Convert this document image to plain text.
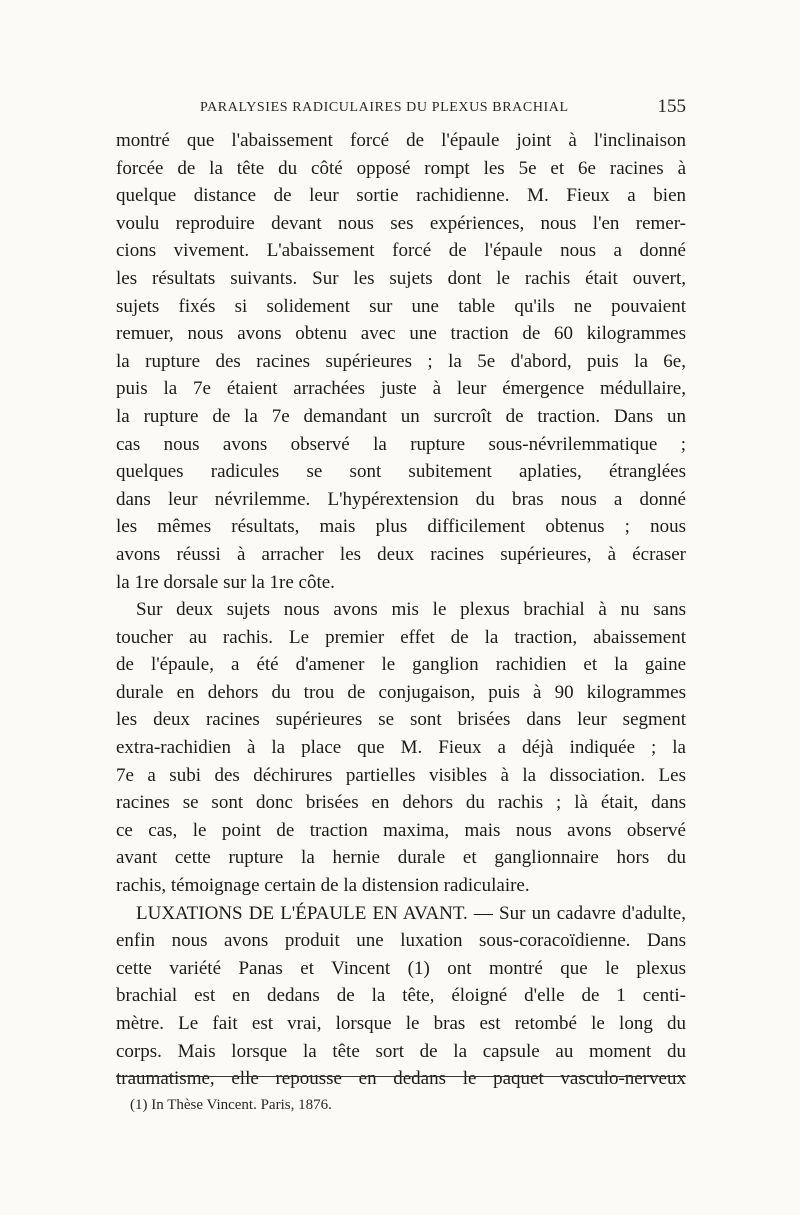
PARALYSIES RADICULAIRES DU PLEXUS BRACHIAL	155
montré que l'abaissement forcé de l'épaule joint à l'inclinaison
forcée de la tête du côté opposé rompt les 5e et 6e racines à
quelque distance de leur sortie rachidienne. M. Fieux a bien
voulu reproduire devant nous ses expériences, nous l'en remer-
cions vivement. L'abaissement forcé de l'épaule nous a donné
les résultats suivants. Sur les sujets dont le rachis était ouvert,
sujets fixés si solidement sur une table qu'ils ne pouvaient
remuer, nous avons obtenu avec une traction de 60 kilogrammes
la rupture des racines supérieures ; la 5e d'abord, puis la 6e,
puis la 7e étaient arrachées juste à leur émergence médullaire,
la rupture de la 7e demandant un surcroît de traction. Dans un
cas nous avons observé la rupture sous-névrilemmatique ;
quelques radicules se sont subitement aplaties, étranglées
dans leur névrilemme. L'hypérextension du bras nous a donné
les mêmes résultats, mais plus difficilement obtenus ; nous
avons réussi à arracher les deux racines supérieures, à écraser
la 1re dorsale sur la 1re côte.
Sur deux sujets nous avons mis le plexus brachial à nu sans
toucher au rachis. Le premier effet de la traction, abaissement
de l'épaule, a été d'amener le ganglion rachidien et la gaine
durale en dehors du trou de conjugaison, puis à 90 kilogrammes
les deux racines supérieures se sont brisées dans leur segment
extra-rachidien à la place que M. Fieux a déjà indiquée ; la
7e a subi des déchirures partielles visibles à la dissociation. Les
racines se sont donc brisées en dehors du rachis ; là était, dans
ce cas, le point de traction maxima, mais nous avons observé
avant cette rupture la hernie durale et ganglionnaire hors du
rachis, témoignage certain de la distension radiculaire.
LUXATIONS DE L'ÉPAULE EN AVANT. — Sur un cadavre d'adulte,
enfin nous avons produit une luxation sous-coracoïdienne. Dans
cette variété Panas et Vincent (1) ont montré que le plexus
brachial est en dedans de la tête, éloigné d'elle de 1 centi-
mètre. Le fait est vrai, lorsque le bras est retombé le long du
corps. Mais lorsque la tête sort de la capsule au moment du
traumatisme, elle repousse en dedans le paquet vasculo-nerveux
(1) In Thèse Vincent. Paris, 1876.
